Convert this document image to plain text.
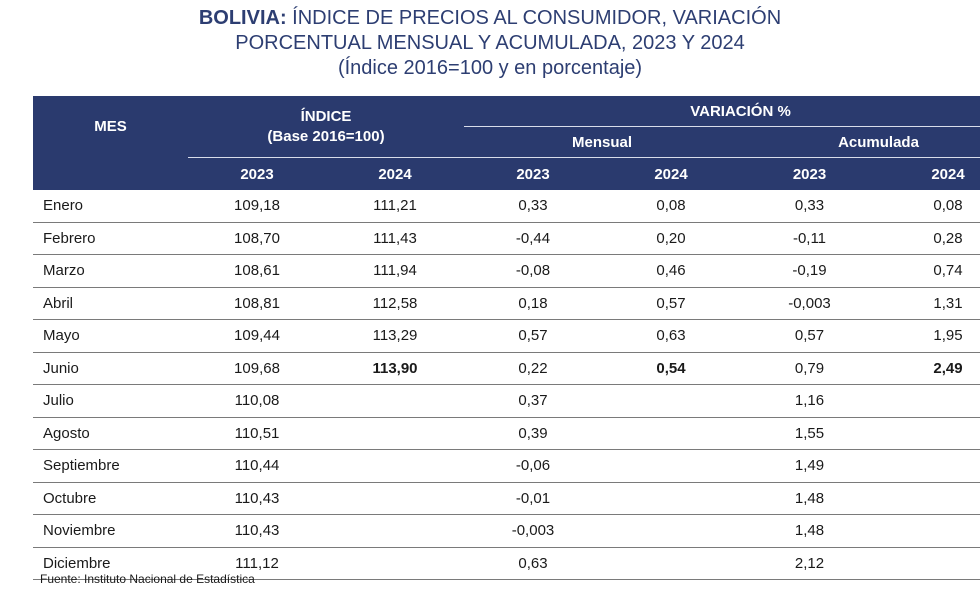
BOLIVIA: ÍNDICE DE PRECIOS AL CONSUMIDOR, VARIACIÓN
PORCENTUAL MENSUAL Y ACUMULADA, 2023 Y 2024
(Índice 2016=100 y en porcentaje)
MES	ÍNDICE
(Base 2016=100)		VARIACIÓN %			
			Mensual		Acumulada	
	2023	2024	2023	2024	2023	2024
Enero	109,18	111,21	0,33	0,08	0,33	0,08
Febrero	108,70	111,43	-0,44	0,20	-0,11	0,28
Marzo	108,61	111,94	-0,08	0,46	-0,19	0,74
Abril	108,81	112,58	0,18	0,57	-0,003	1,31
Mayo	109,44	113,29	0,57	0,63	0,57	1,95
Junio	109,68	113,90	0,22	0,54	0,79	2,49
Julio	110,08		0,37		1,16	
Agosto	110,51		0,39		1,55	
Septiembre	110,44		-0,06		1,49	
Octubre	110,43		-0,01		1,48	
Noviembre	110,43		-0,003		1,48	
Diciembre	111,12		0,63		2,12	
Fuente: Instituto Nacional de Estadística
